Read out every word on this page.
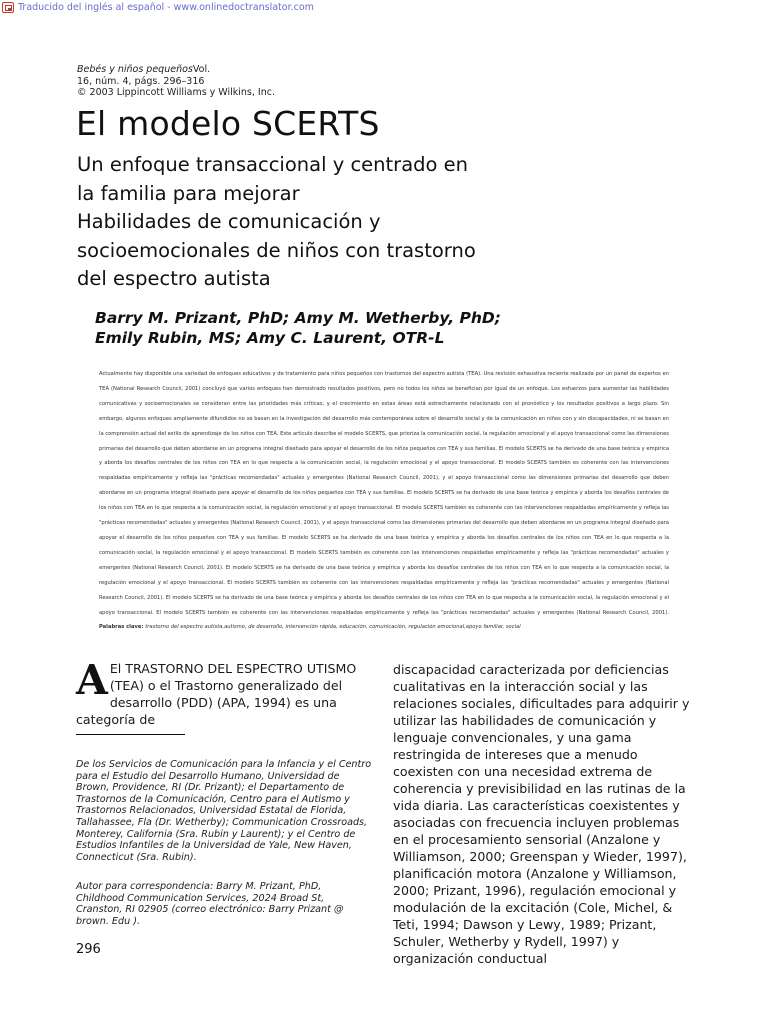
Traducido del inglés al español - www.onlinedoctranslator.com
Bebés y niños pequeñosVol.
16, núm. 4, págs. 296–316
© 2003 Lippincott Williams y Wilkins, Inc.
El modelo SCERTS
Un enfoque transaccional y centrado en
la familia para mejorar
Habilidades de comunicación y
socioemocionales de niños con trastorno
del espectro autista
Barry M. Prizant, PhD; Amy M. Wetherby, PhD;
Emily Rubin, MS; Amy C. Laurent, OTR-L
Actualmente hay disponible una variedad de enfoques educativos y de tratamiento para niños pequeños con trastornos del espectro autista (TEA). Una revisión exhaustiva reciente realizada por un panel de expertos en TEA (National Research Council, 2001) concluyó que varios enfoques han demostrado resultados positivos, pero no todos los niños se benefician por igual de un enfoque. Los esfuerzos para aumentar las habilidades comunicativas y socioemocionales se consideran entre las prioridades más críticas, y el crecimiento en estas áreas está estrechamente relacionado con el pronóstico y los resultados positivos a largo plazo. Sin embargo, algunos enfoques ampliamente difundidos no se basan en la investigación del desarrollo más contemporánea sobre el desarrollo social y de la comunicación en niños con y sin discapacidades, ni se basan en la comprensión actual del estilo de aprendizaje de los niños con TEA. Este artículo describe el modelo SCERTS, que prioriza la comunicación social, la regulación emocional y el apoyo transaccional como las dimensiones primarias del desarrollo que deben abordarse en un programa integral diseñado para apoyar el desarrollo de los niños pequeños con TEA y sus familias. El modelo SCERTS se ha derivado de una base teórica y empírica y aborda los desafíos centrales de los niños con TEA en lo que respecta a la comunicación social, la regulación emocional y el apoyo transaccional. El modelo SCERTS también es coherente con las intervenciones respaldadas empíricamente y refleja las "prácticas recomendadas" actuales y emergentes (National Research Council, 2001), y el apoyo transaccional como las dimensiones primarias del desarrollo que deben abordarse en un programa integral diseñado para apoyar el desarrollo de los niños pequeños con TEA y sus familias. El modelo SCERTS se ha derivado de una base teórica y empírica y aborda los desafíos centrales de los niños con TEA en lo que respecta a la comunicación social, la regulación emocional y el apoyo transaccional. El modelo SCERTS también es coherente con las intervenciones respaldadas empíricamente y refleja las "prácticas recomendadas" actuales y emergentes (National Research Council, 2001), y el apoyo transaccional como las dimensiones primarias del desarrollo que deben abordarse en un programa integral diseñado para apoyar el desarrollo de los niños pequeños con TEA y sus familias. El modelo SCERTS se ha derivado de una base teórica y empírica y aborda los desafíos centrales de los niños con TEA en lo que respecta a la comunicación social, la regulación emocional y el apoyo transaccional. El modelo SCERTS también es coherente con las intervenciones respaldadas empíricamente y refleja las "prácticas recomendadas" actuales y emergentes (National Research Council, 2001). El modelo SCERTS se ha derivado de una base teórica y empírica y aborda los desafíos centrales de los niños con TEA en lo que respecta a la comunicación social, la regulación emocional y el apoyo transaccional. El modelo SCERTS también es coherente con las intervenciones respaldadas empíricamente y refleja las "prácticas recomendadas" actuales y emergentes (National Research Council, 2001). El modelo SCERTS se ha derivado de una base teórica y empírica y aborda los desafíos centrales de los niños con TEA en lo que respecta a la comunicación social, la regulación emocional y el apoyo transaccional. El modelo SCERTS también es coherente con las intervenciones respaldadas empíricamente y refleja las "prácticas recomendadas" actuales y emergentes (National Research Council, 2001). Palabras clave: trastorno del espectro autista,autismo, de desarrollo, intervención rápida, educación, comunicación, regulación emocional,apoyo familiar, social
A El TRASTORNO DEL ESPECTRO UTISMO (TEA) o el Trastorno generalizado del desarrollo (PDD) (APA, 1994) es una categoría de
De los Servicios de Comunicación para la Infancia y el Centro para el Estudio del Desarrollo Humano, Universidad de Brown, Providence, RI (Dr. Prizant); el Departamento de Trastornos de la Comunicación, Centro para el Autismo y Trastornos Relacionados, Universidad Estatal de Florida, Tallahassee, Fla (Dr. Wetherby); Communication Crossroads, Monterey, California (Sra. Rubin y Laurent); y el Centro de Estudios Infantiles de la Universidad de Yale, New Haven, Connecticut (Sra. Rubin).
Autor para correspondencia: Barry M. Prizant, PhD, Childhood Communication Services, 2024 Broad St, Cranston, RI 02905 (correo electrónico: Barry Prizant @ brown. Edu ).
296
discapacidad caracterizada por deficiencias cualitativas en la interacción social y las relaciones sociales, dificultades para adquirir y utilizar las habilidades de comunicación y lenguaje convencionales, y una gama restringida de intereses que a menudo coexisten con una necesidad extrema de coherencia y previsibilidad en las rutinas de la vida diaria. Las características coexistentes y asociadas con frecuencia incluyen problemas en el procesamiento sensorial (Anzalone y Williamson, 2000; Greenspan y Wieder, 1997), planificación motora (Anzalone y Williamson, 2000; Prizant, 1996), regulación emocional y modulación de la excitación (Cole, Michel, & Teti, 1994; Dawson y Lewy, 1989; Prizant, Schuler, Wetherby y Rydell, 1997) y organización conductual
